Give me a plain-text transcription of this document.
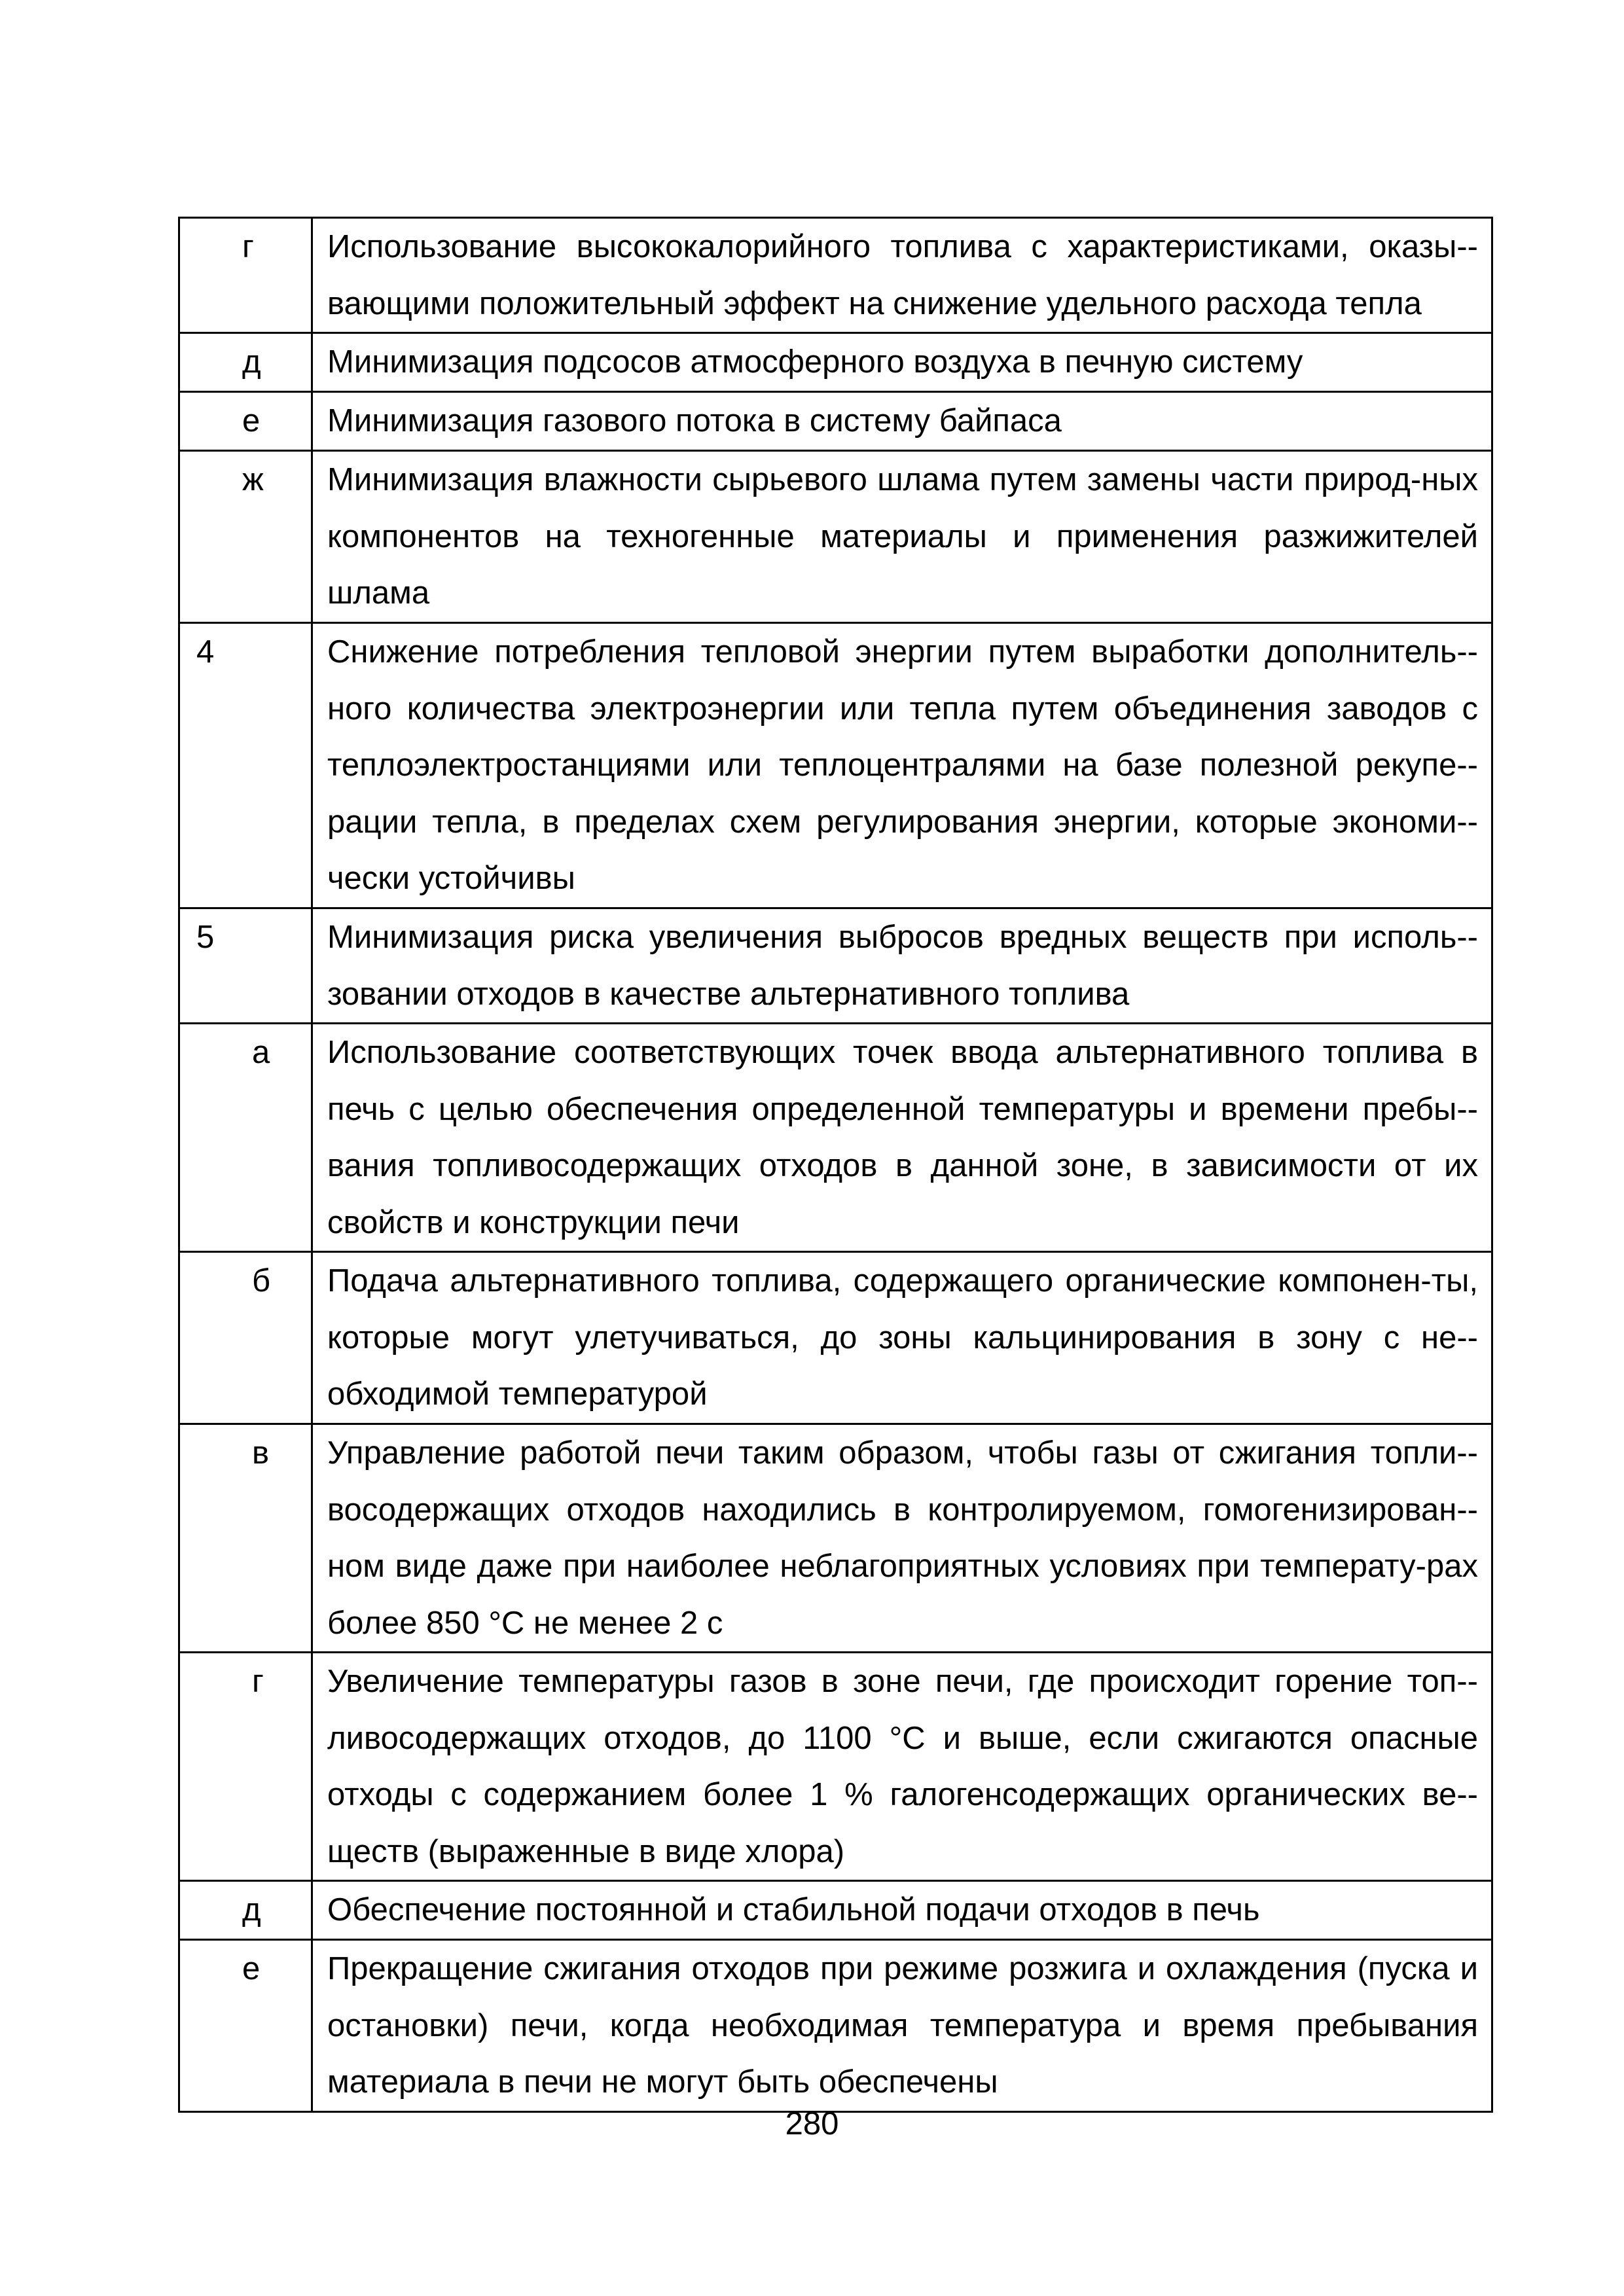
г	Использование высококалорийного топлива с характеристиками, оказы-вающими положительный эффект на снижение удельного расхода тепла

д	Минимизация подсосов атмосферного воздуха в печную систему

е	Минимизация газового потока в систему байпаса

ж	Минимизация влажности сырьевого шлама путем замены части природ-ных компонентов на техногенные материалы и применения разжижителей шлама

4	Снижение потребления тепловой энергии путем выработки дополнитель-ного количества электроэнергии или тепла путем объединения заводов с теплоэлектростанциями или теплоцентралями на базе полезной рекупе-рации тепла, в пределах схем регулирования энергии, которые экономи-чески устойчивы

5	Минимизация риска увеличения выбросов вредных веществ при исполь-зовании отходов в качестве альтернативного топлива

а	Использование соответствующих точек ввода альтернативного топлива в печь с целью обеспечения определенной температуры и времени пребы-вания топливосодержащих отходов в данной зоне, в зависимости от их свойств и конструкции печи

б	Подача альтернативного топлива, содержащего органические компонен-ты, которые могут улетучиваться, до зоны кальцинирования в зону с не-обходимой температурой

в	Управление работой печи таким образом, чтобы газы от сжигания топли-восодержащих отходов находились в контролируемом, гомогенизирован-ном виде даже при наиболее неблагоприятных условиях при температу-рах более 850 °С не менее 2 с

г	Увеличение температуры газов в зоне печи, где происходит горение топ-ливосодержащих отходов, до 1100 °С и выше, если сжигаются опасные отходы с содержанием более 1 % галогенсодержащих органических ве-ществ (выраженные в виде хлора)

д	Обеспечение постоянной и стабильной подачи отходов в печь

е	Прекращение сжигания отходов при режиме розжига и охлаждения (пуска и остановки) печи, когда необходимая температура и время пребывания материала в печи не могут быть обеспечены
280
